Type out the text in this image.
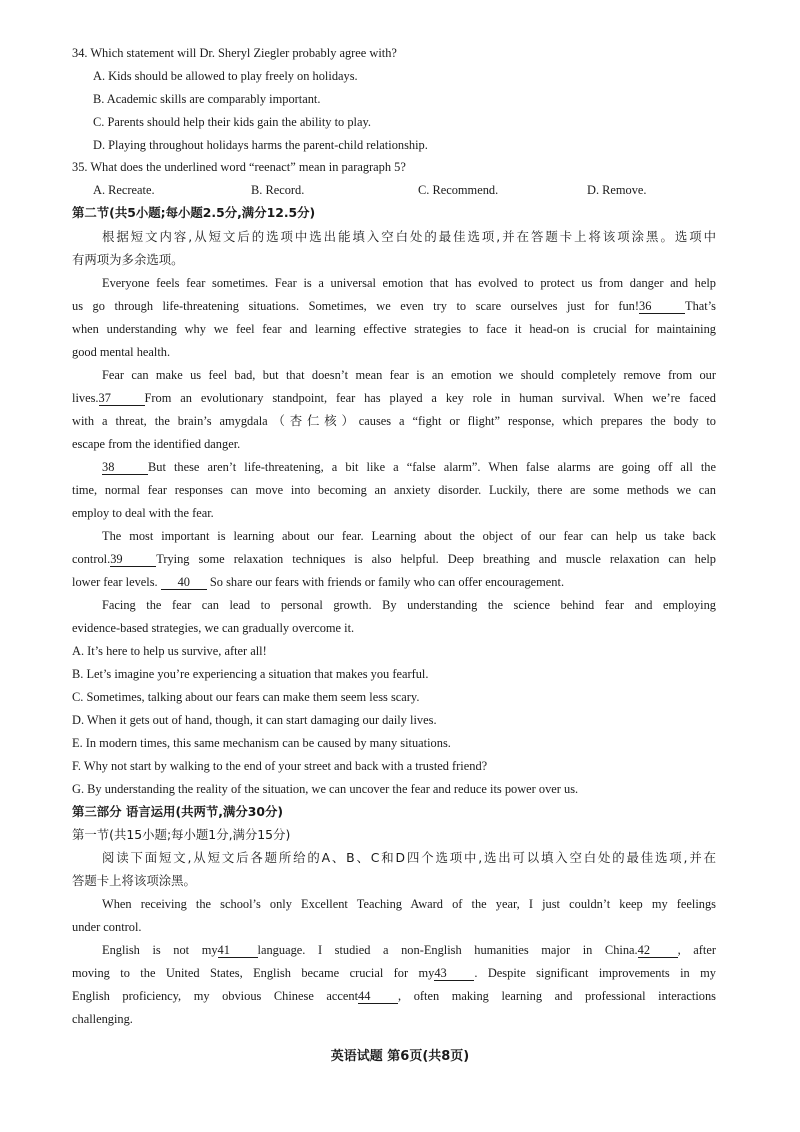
34. Which statement will Dr. Sheryl Ziegler probably agree with?
A. Kids should be allowed to play freely on holidays.
B. Academic skills are comparably important.
C. Parents should help their kids gain the ability to play.
D. Playing throughout holidays harms the parent-child relationship.
35. What does the underlined word “reenact” mean in paragraph 5?
A. Recreate.	B. Record.	C. Recommend.	D. Remove.
第二节(共5小题;每小题2.5分,满分12.5分)
根据短文内容,从短文后的选项中选出能填入空白处的最佳选项,并在答题卡上将该项涂黑。选项中
有两项为多余选项。
Everyone feels fear sometimes. Fear is a universal emotion that has evolved to protect us from danger and help
us go through life-threatening situations. Sometimes, we even try to scare ourselves just for fun!36	That’s
when understanding why we feel fear and learning effective strategies to face it head-on is crucial for maintaining
good mental health.
Fear can make us feel bad, but that doesn’t mean fear is an emotion we should completely remove from our
lives.37	From an evolutionary standpoint, fear has played a key role in human survival. When we’re faced
with a threat, the brain’s amygdala（杏仁核）causes a “fight or flight” response, which prepares the body to
escape from the identified danger.
38	But these aren’t life-threatening, a bit like a “false alarm”. When false alarms are going off all the
time, normal fear responses can move into becoming an anxiety disorder. Luckily, there are some methods we can
employ to deal with the fear.
The most important is learning about our fear. Learning about the object of our fear can help us take back
control.39	Trying some relaxation techniques is also helpful. Deep breathing and muscle relaxation can help
lower fear levels. 40 So share our fears with friends or family who can offer encouragement.
Facing the fear can lead to personal growth. By understanding the science behind fear and employing
evidence-based strategies, we can gradually overcome it.
A. It’s here to help us survive, after all!
B. Let’s imagine you’re experiencing a situation that makes you fearful.
C. Sometimes, talking about our fears can make them seem less scary.
D. When it gets out of hand, though, it can start damaging our daily lives.
E. In modern times, this same mechanism can be caused by many situations.
F. Why not start by walking to the end of your street and back with a trusted friend?
G. By understanding the reality of the situation, we can uncover the fear and reduce its power over us.
第三部分 语言运用(共两节,满分30分)
第一节(共15小题;每小题1分,满分15分)
阅读下面短文,从短文后各题所给的A、B、C和D四个选项中,选出可以填入空白处的最佳选项,并在
答题卡上将该项涂黑。
When receiving the school’s only Excellent Teaching Award of the year, I just couldn’t keep my feelings
under control.
English is not my41 language. I studied a non-English humanities major in China.42 , after
moving to the United States, English became crucial for my43 . Despite significant improvements in my
English proficiency, my obvious Chinese accent44 , often making learning and professional interactions
challenging.
英语试题 第6页(共8页)
